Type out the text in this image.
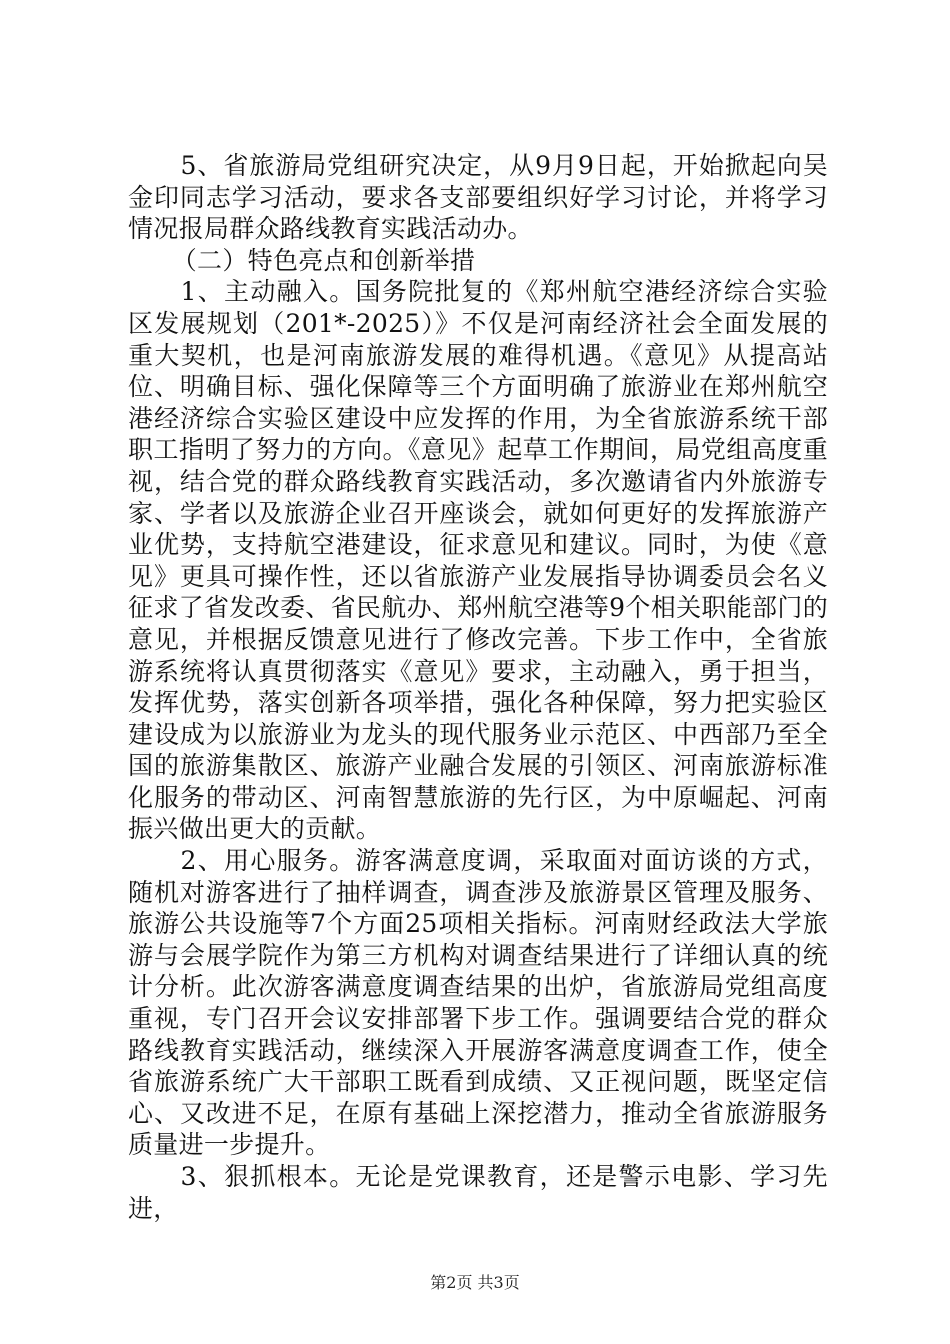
5、省旅游局党组研究决定，从9月9日起，开始掀起向吴金印同志学习活动，要求各支部要组织好学习讨论，并将学习情况报局群众路线教育实践活动办。

（二）特色亮点和创新举措

1、主动融入。国务院批复的《郑州航空港经济综合实验区发展规划（201*-2025）》不仅是河南经济社会全面发展的重大契机，也是河南旅游发展的难得机遇。《意见》从提高站位、明确目标、强化保障等三个方面明确了旅游业在郑州航空港经济综合实验区建设中应发挥的作用，为全省旅游系统干部职工指明了努力的方向。《意见》起草工作期间，局党组高度重视，结合党的群众路线教育实践活动，多次邀请省内外旅游专家、学者以及旅游企业召开座谈会，就如何更好的发挥旅游产业优势，支持航空港建设，征求意见和建议。同时，为使《意见》更具可操作性，还以省旅游产业发展指导协调委员会名义征求了省发改委、省民航办、郑州航空港等9个相关职能部门的意见，并根据反馈意见进行了修改完善。下步工作中，全省旅游系统将认真贯彻落实《意见》要求，主动融入，勇于担当，发挥优势，落实创新各项举措，强化各种保障，努力把实验区建设成为以旅游业为龙头的现代服务业示范区、中西部乃至全国的旅游集散区、旅游产业融合发展的引领区、河南旅游标准化服务的带动区、河南智慧旅游的先行区，为中原崛起、河南振兴做出更大的贡献。

2、用心服务。游客满意度调，采取面对面访谈的方式，随机对游客进行了抽样调查，调查涉及旅游景区管理及服务、旅游公共设施等7个方面25项相关指标。河南财经政法大学旅游与会展学院作为第三方机构对调查结果进行了详细认真的统计分析。此次游客满意度调查结果的出炉，省旅游局党组高度重视，专门召开会议安排部署下步工作。强调要结合党的群众路线教育实践活动，继续深入开展游客满意度调查工作，使全省旅游系统广大干部职工既看到成绩、又正视问题，既坚定信心、又改进不足，在原有基础上深挖潜力，推动全省旅游服务质量进一步提升。

3、狠抓根本。无论是党课教育，还是警示电影、学习先进，

第2页 共3页
